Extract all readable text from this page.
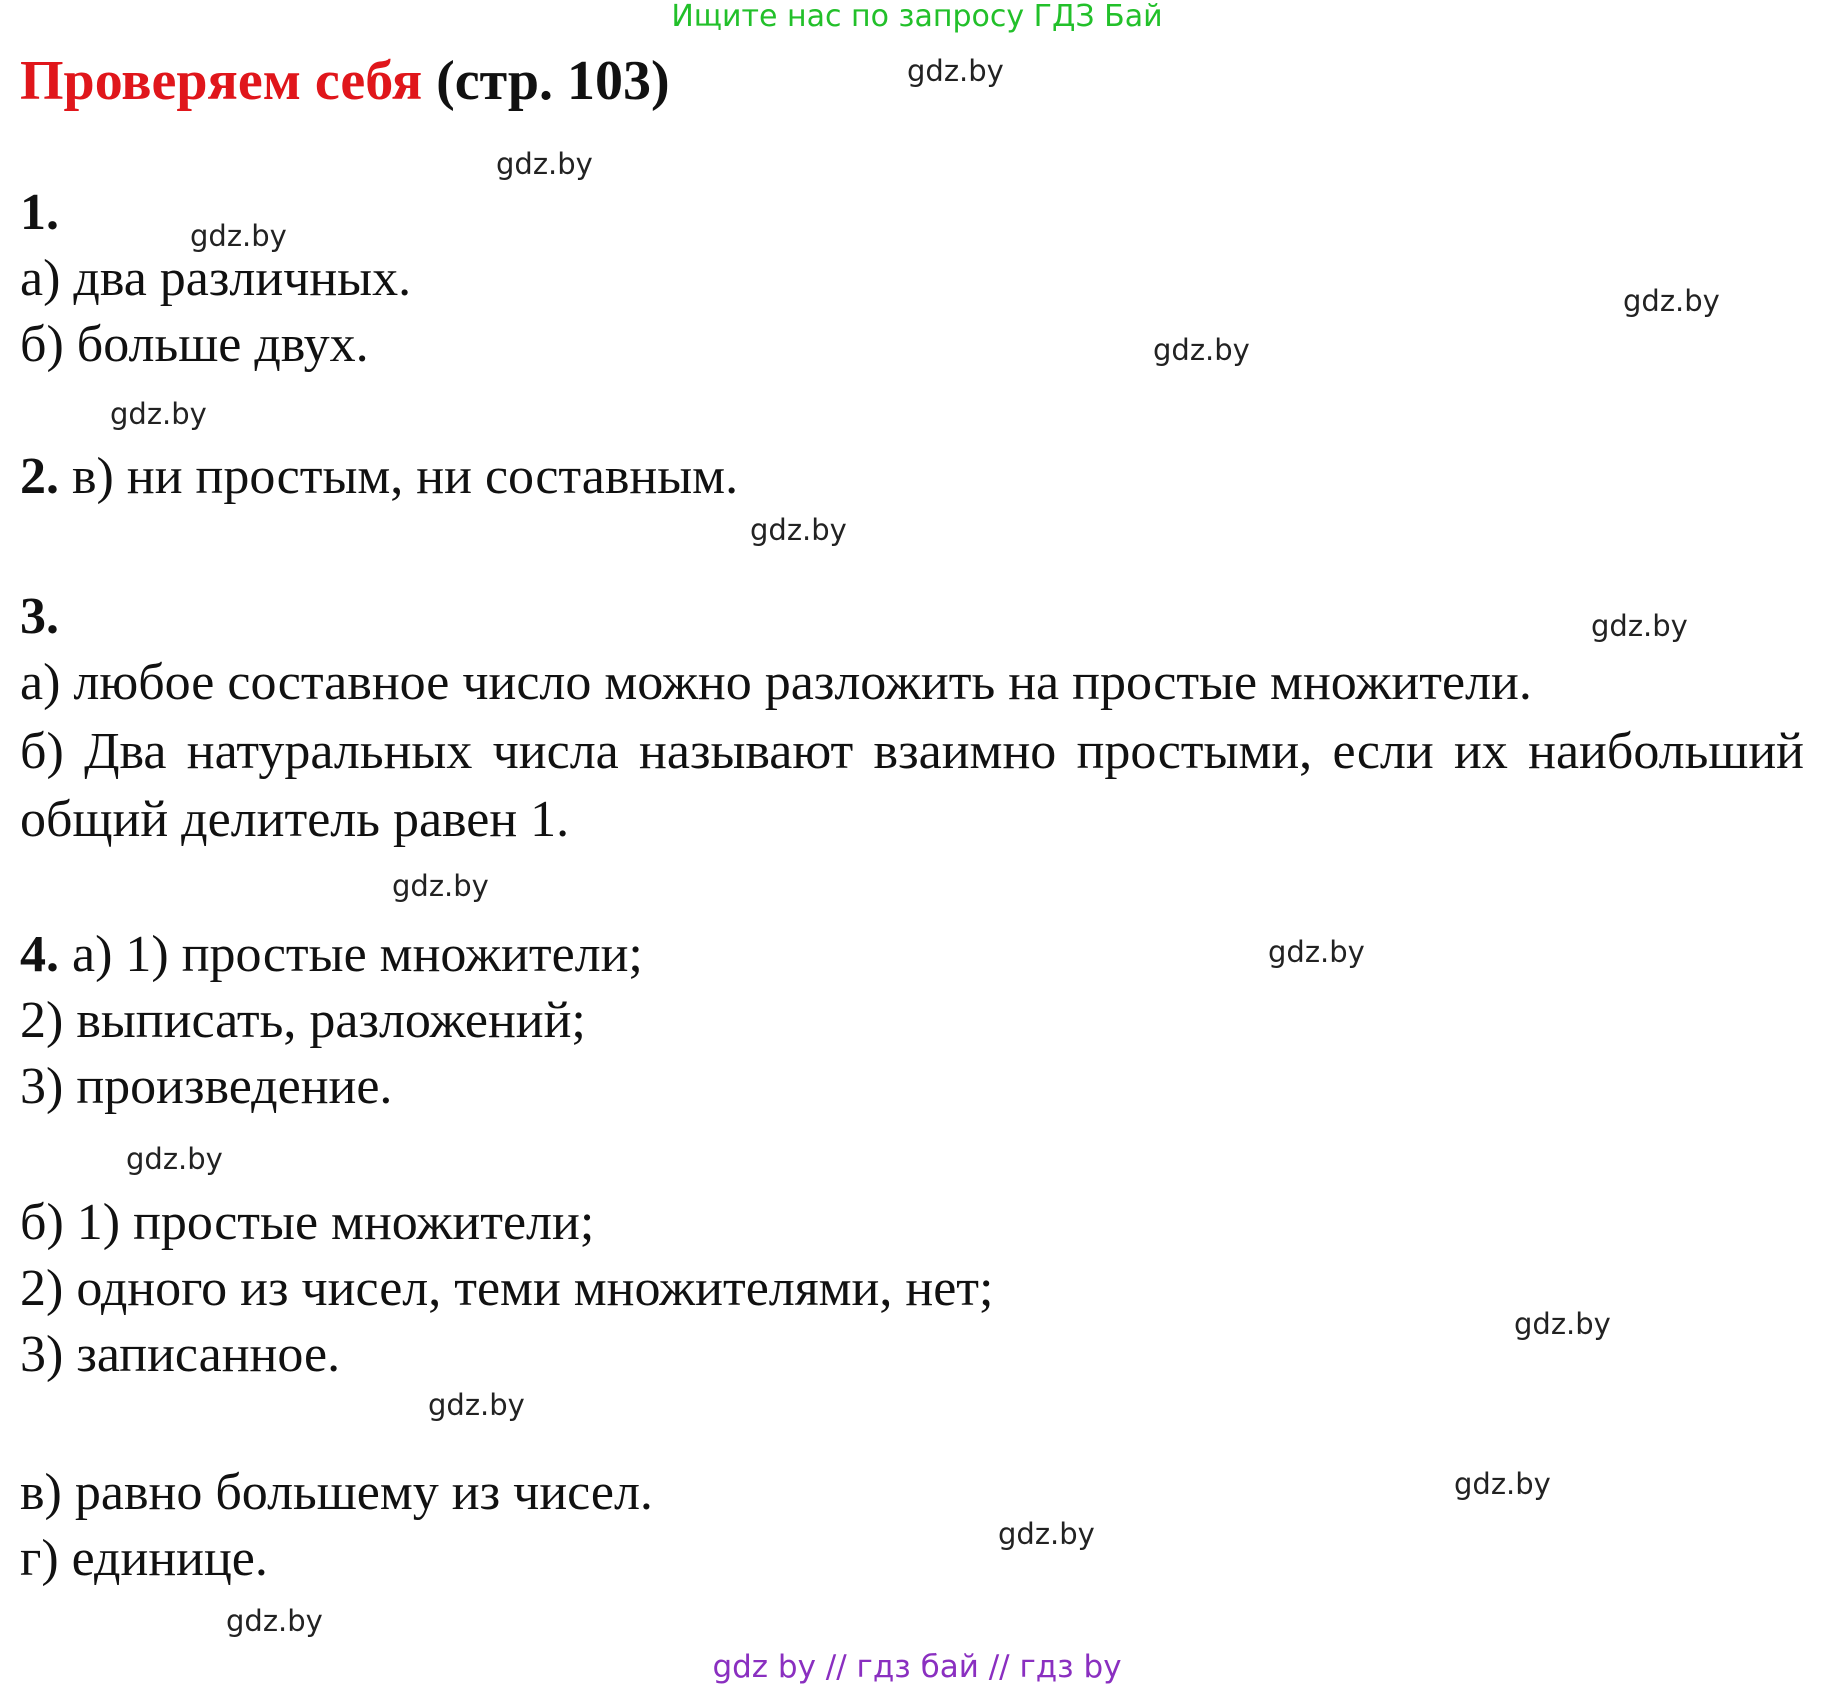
Ищите нас по запросу ГДЗ Бай
Проверяем себя (стр. 103)
1.
а) два различных.
б) больше двух.
2. в) ни простым, ни составным.
3.
а) любое составное число можно разложить на простые множители.
б) Два натуральных числа называют взаимно простыми, если их наибольший общий делитель равен 1.
4. а) 1) простые множители;
2) выписать, разложений;
3) произведение.
б) 1) простые множители;
2) одного из чисел, теми множителями, нет;
3) записанное.
в) равно большему из чисел.
г) единице.
gdz.by
gdz.by
gdz.by
gdz.by
gdz.by
gdz.by
gdz.by
gdz.by
gdz.by
gdz.by
gdz.by
gdz.by
gdz.by
gdz.by
gdz.by
gdz.by
gdz by // гдз бай // гдз by
